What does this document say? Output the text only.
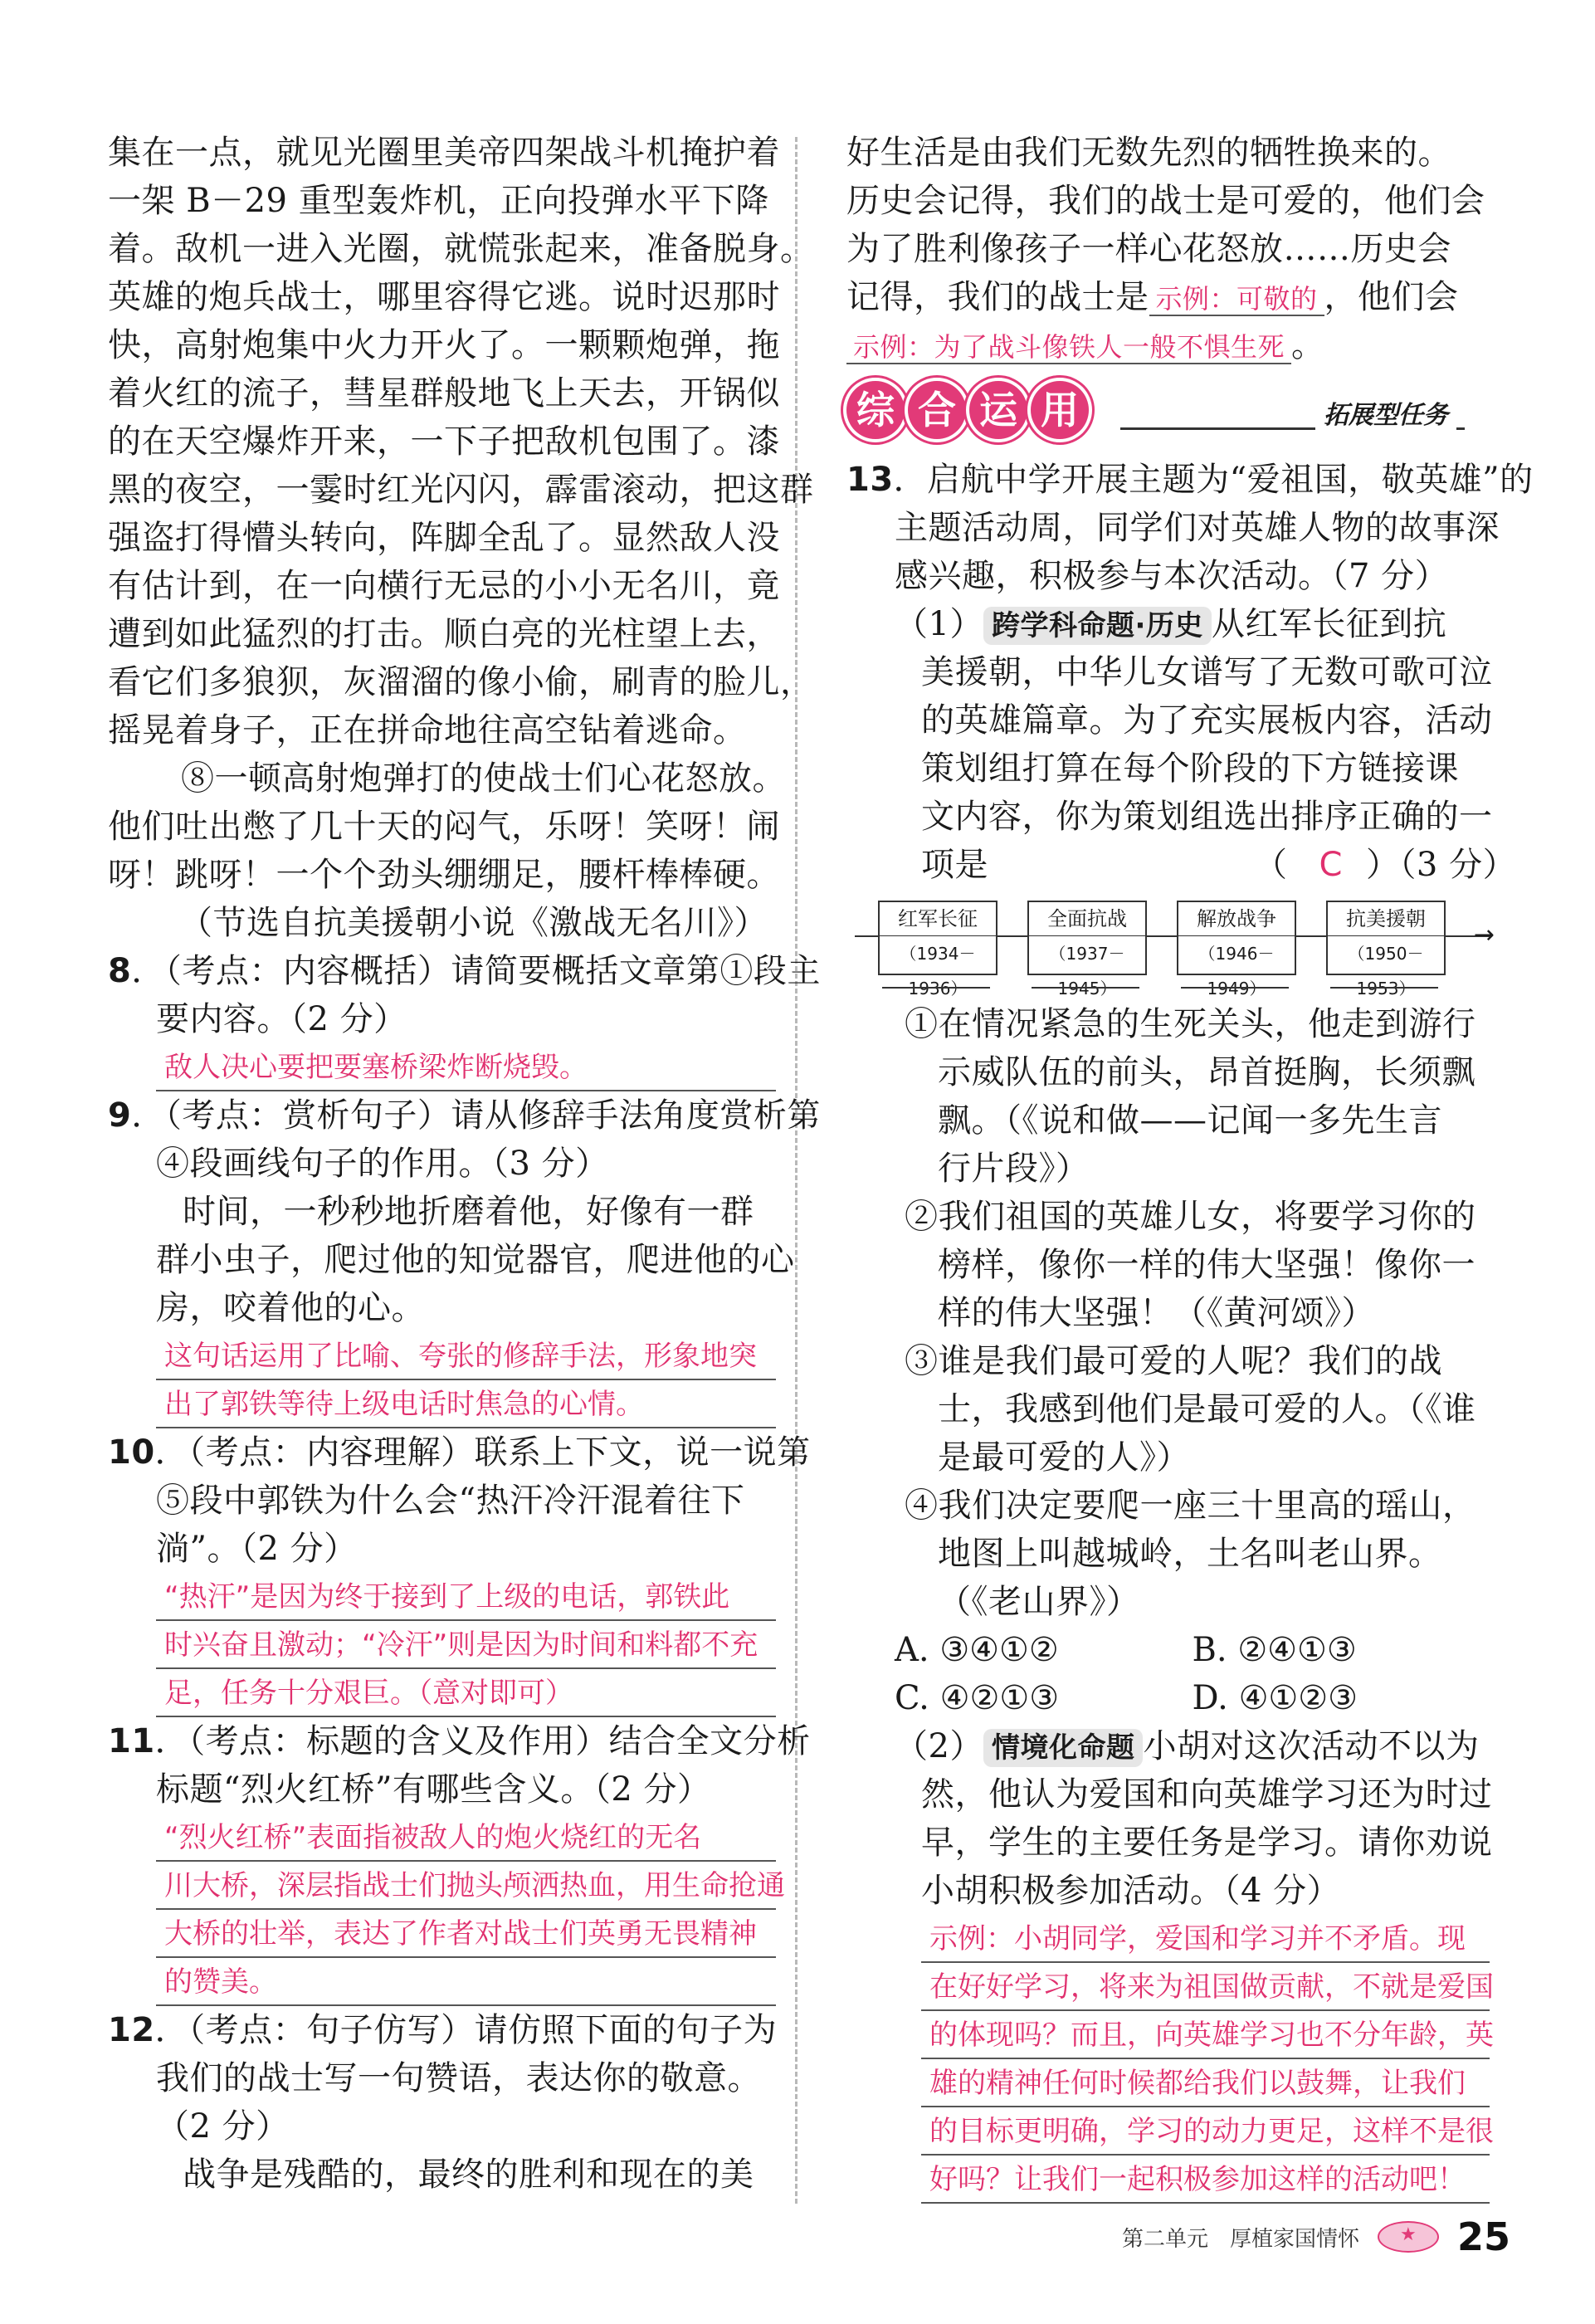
集在一点，就见光圈里美帝四架战斗机掩护着
一架 B－29 重型轰炸机，正向投弹水平下降
着。敌机一进入光圈，就慌张起来，准备脱身。
英雄的炮兵战士，哪里容得它逃。说时迟那时
快，高射炮集中火力开火了。一颗颗炮弹，拖
着火红的流子，彗星群般地飞上天去，开锅似
的在天空爆炸开来，一下子把敌机包围了。漆
黑的夜空，一霎时红光闪闪，霹雷滚动，把这群
强盗打得懵头转向，阵脚全乱了。显然敌人没
有估计到，在一向横行无忌的小小无名川，竟
遭到如此猛烈的打击。顺白亮的光柱望上去，
看它们多狼狈，灰溜溜的像小偷，刷青的脸儿，
摇晃着身子，正在拼命地往高空钻着逃命。
⑧一顿高射炮弹打的使战士们心花怒放。
他们吐出憋了几十天的闷气，乐呀！笑呀！闹
呀！跳呀！一个个劲头绷绷足，腰杆棒棒硬。
（节选自抗美援朝小说《激战无名川》）
8．（考点：内容概括）请简要概括文章第①段主
要内容。（2 分）
敌人决心要把要塞桥梁炸断烧毁。
9．（考点：赏析句子）请从修辞手法角度赏析第
④段画线句子的作用。（3 分）
时间，一秒秒地折磨着他，好像有一群
群小虫子，爬过他的知觉器官，爬进他的心
房，咬着他的心。
这句话运用了比喻、夸张的修辞手法，形象地突
出了郭铁等待上级电话时焦急的心情。
10．（考点：内容理解）联系上下文，说一说第
⑤段中郭铁为什么会“热汗冷汗混着往下
淌”。（2 分）
“热汗”是因为终于接到了上级的电话，郭铁此
时兴奋且激动；“冷汗”则是因为时间和料都不充
足，任务十分艰巨。（意对即可）
11．（考点：标题的含义及作用）结合全文分析
标题“烈火红桥”有哪些含义。（2 分）
“烈火红桥”表面指被敌人的炮火烧红的无名
川大桥，深层指战士们抛头颅洒热血，用生命抢通
大桥的壮举，表达了作者对战士们英勇无畏精神
的赞美。
12．（考点：句子仿写）请仿照下面的句子为
我们的战士写一句赞语，表达你的敬意。
（2 分）
战争是残酷的，最终的胜利和现在的美
好生活是由我们无数先烈的牺牲换来的。
历史会记得，我们的战士是可爱的，他们会
为了胜利像孩子一样心花怒放……历史会
记得，我们的战士是 示例：可敬的 ，他们会
示例：为了战斗像铁人一般不惧生死 。
综 合 运 用	拓展型任务
13．启航中学开展主题为“爱祖国，敬英雄”的
主题活动周，同学们对英雄人物的故事深
感兴趣，积极参与本次活动。（7 分）
（1） 跨学科命题·历史 从红军长征到抗
美援朝，中华儿女谱写了无数可歌可泣
的英雄篇章。为了充实展板内容，活动
策划组打算在每个阶段的下方链接课
文内容，你为策划组选出排序正确的一
项是	（ C ）（3 分）
→
红军长征
（1934－1936）
全面抗战
（1937－1945）
解放战争
（1946－1949）
抗美援朝
（1950－1953）
①在情况紧急的生死关头，他走到游行
示威队伍的前头，昂首挺胸，长须飘
飘。（《说和做——记闻一多先生言
行片段》）
②我们祖国的英雄儿女，将要学习你的
榜样，像你一样的伟大坚强！像你一
样的伟大坚强！（《黄河颂》）
③谁是我们最可爱的人呢？我们的战
士，我感到他们是最可爱的人。（《谁
是最可爱的人》）
④我们决定要爬一座三十里高的瑶山，
地图上叫越城岭，土名叫老山界。
（《老山界》）
A. ③④①②	B. ②④①③
C. ④②①③	D. ④①②③
（2） 情境化命题 小胡对这次活动不以为
然，他认为爱国和向英雄学习还为时过
早，学生的主要任务是学习。请你劝说
小胡积极参加活动。（4 分）
示例：小胡同学，爱国和学习并不矛盾。现
在好好学习，将来为祖国做贡献，不就是爱国
的体现吗？而且，向英雄学习也不分年龄，英
雄的精神任何时候都给我们以鼓舞，让我们
的目标更明确，学习的动力更足，这样不是很
好吗？让我们一起积极参加这样的活动吧！
第二单元　厚植家国情怀
★	25
